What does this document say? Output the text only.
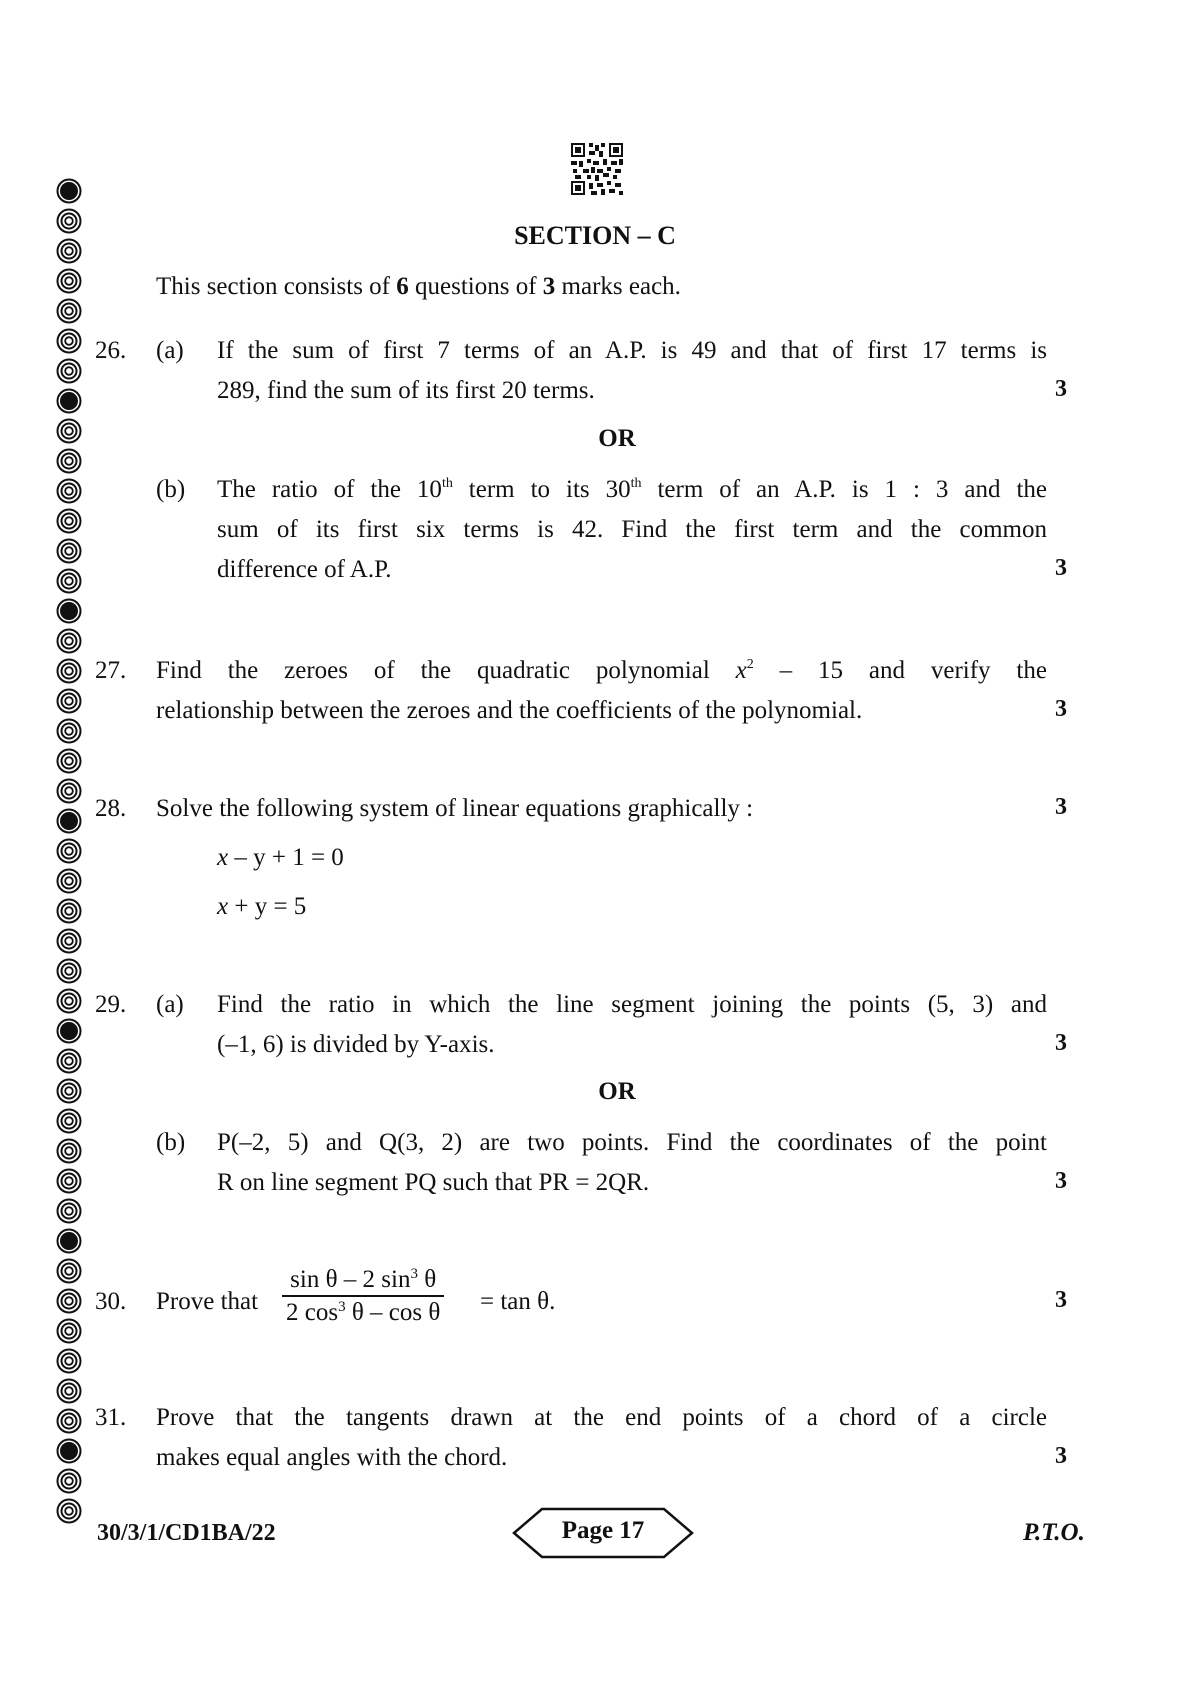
SECTION – C
This section consists of 6 questions of 3 marks each.
26. (a) If the sum of first 7 terms of an A.P. is 49 and that of first 17 terms is
289, find the sum of its first 20 terms.	3
OR
(b) The ratio of the 10th term to its 30th term of an A.P. is 1 : 3 and the
sum of its first six terms is 42. Find the first term and the common
difference of A.P.	3
27. Find the zeroes of the quadratic polynomial $x^2 - 15$ and verify the
relationship between the zeroes and the coefficients of the polynomial.	3
28. Solve the following system of linear equations graphically :	3
x – y + 1 = 0
x + y = 5
29. (a) Find the ratio in which the line segment joining the points (5, 3) and
(–1, 6) is divided by Y-axis.	3
OR
(b) P(–2, 5) and Q(3, 2) are two points. Find the coordinates of the point
R on line segment PQ such that PR = 2QR.	3
30. Prove that $\frac{\sin \theta - 2 \sin^3 \theta}{2 \cos^3 \theta - \cos \theta} = \tan \theta$.	3
31. Prove that the tangents drawn at the end points of a chord of a circle
makes equal angles with the chord.	3
30/3/1/CD1BA/22	Page 17	P.T.O.
